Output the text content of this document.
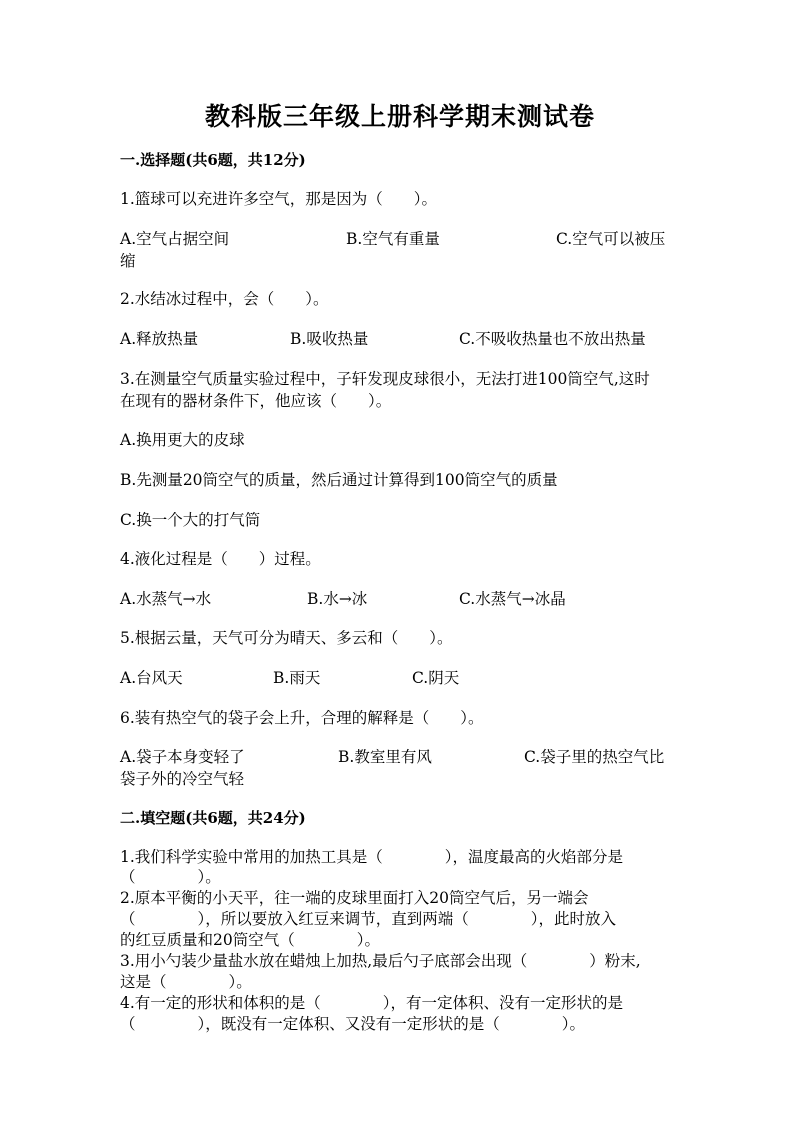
教科版三年级上册科学期末测试卷
一.选择题(共6题，共12分)
1.篮球可以充进许多空气，那是因为（　　）。
A.空气占据空间	B.空气有重量	C.空气可以被压
缩
2.水结冰过程中，会（　　）。
A.释放热量	B.吸收热量	C.不吸收热量也不放出热量
3.在测量空气质量实验过程中，子轩发现皮球很小，无法打进100筒空气,这时
在现有的器材条件下，他应该（　　）。
A.换用更大的皮球
B.先测量20筒空气的质量，然后通过计算得到100筒空气的质量
C.换一个大的打气筒
4.液化过程是（　　）过程。
A.水蒸气→水	B.水→冰	C.水蒸气→冰晶
5.根据云量，天气可分为晴天、多云和（　　）。
A.台风天	B.雨天	C.阴天
6.装有热空气的袋子会上升，合理的解释是（　　）。
A.袋子本身变轻了	B.教室里有风	C.袋子里的热空气比
袋子外的冷空气轻
二.填空题(共6题，共24分)
1.我们科学实验中常用的加热工具是（　　　　），温度最高的火焰部分是
（　　　　）。
2.原本平衡的小天平，往一端的皮球里面打入20筒空气后，另一端会
（　　　　），所以要放入红豆来调节，直到两端（　　　　），此时放入
的红豆质量和20筒空气（　　　　）。
3.用小勺装少量盐水放在蜡烛上加热,最后勺子底部会出现（　　　　）粉末,
这是（　　　　）。
4.有一定的形状和体积的是（　　　　），有一定体积、没有一定形状的是
（　　　　），既没有一定体积、又没有一定形状的是（　　　　）。
